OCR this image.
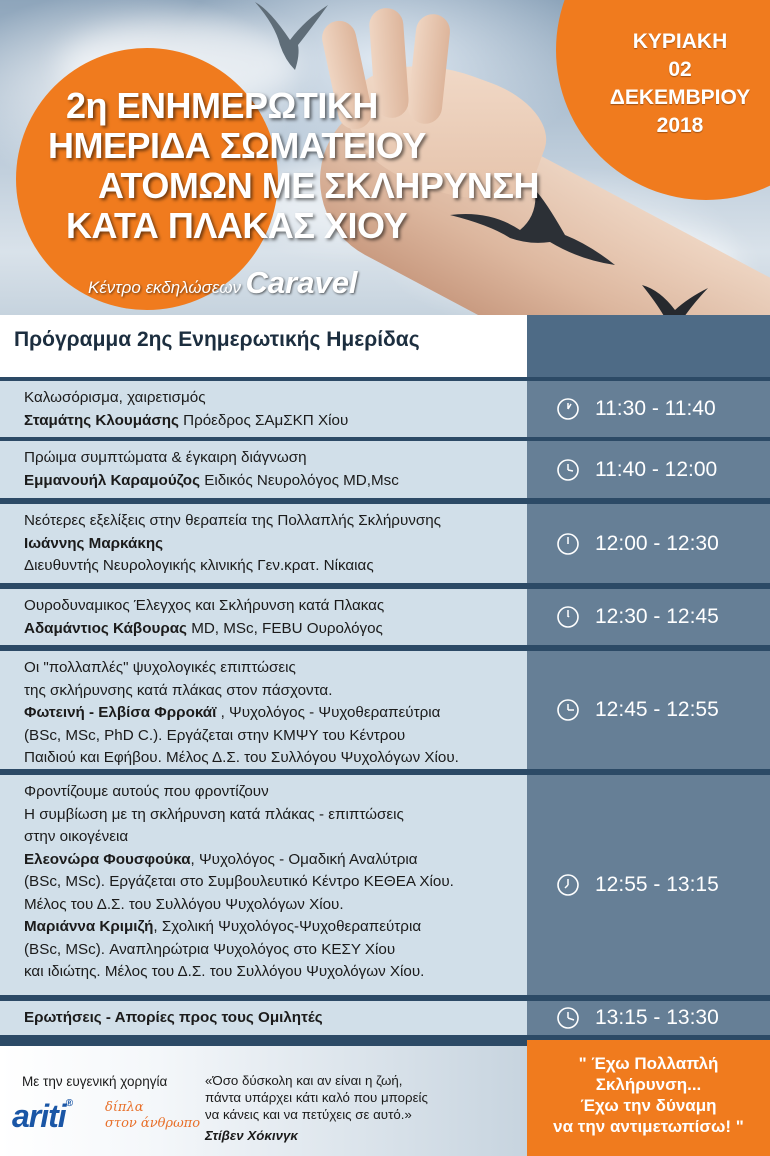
ΚΥΡΙΑΚΗ
02
ΔΕΚΕΜΒΡΙΟΥ
2018
2η ΕΝΗΜΕΡΩΤΙΚΗ
ΗΜΕΡΙΔΑ ΣΩΜΑΤΕΙΟΥ
ΑΤΟΜΩΝ ΜΕ ΣΚΛΗΡΥΝΣΗ
ΚΑΤΑ ΠΛΑΚΑΣ ΧΙΟΥ
Κέντρο εκδηλώσεων Caravel
Πρόγραμμα 2ης Ενημερωτικής Ημερίδας
Καλωσόρισμα, χαιρετισμός
Σταμάτης Κλουμάσης Πρόεδρος ΣΑμΣΚΠ Χίου	11:30 - 11:40
Πρώιμα συμπτώματα & έγκαιρη διάγνωση
Εμμανουήλ Καραμούζος Ειδικός Νευρολόγος MD,Msc	11:40 - 12:00
Νεότερες εξελίξεις στην θεραπεία της Πολλαπλής Σκλήρυνσης
Ιωάννης Μαρκάκης
Διευθυντής Νευρολογικής κλινικής Γεν.κρατ. Νίκαιας
12:00 - 12:30
Ουροδυναμικος Έλεγχος και Σκλήρυνση κατά Πλακας
Αδαμάντιος Κάβουρας MD, MSc, FEBU Ουρολόγος	12:30 - 12:45
Οι "πολλαπλές" ψυχολογικές επιπτώσεις
της σκλήρυνσης κατά πλάκας στον πάσχοντα.
Φωτεινή - Ελβίσα Φρροκάϊ , Ψυχολόγος - Ψυχοθεραπεύτρια
(BSc, MSc, PhD C.). Εργάζεται στην ΚΜΨΥ του Κέντρου
Παιδιού και Εφήβου. Μέλος Δ.Σ. του Συλλόγου Ψυχολόγων Χίου.
12:45 - 12:55
Φροντίζουμε αυτούς που φροντίζουν
Η συμβίωση με τη σκλήρυνση κατά πλάκας - επιπτώσεις
στην οικογένεια
Ελεονώρα Φουσφούκα, Ψυχολόγος - Ομαδική Αναλύτρια
(BSc, MSc). Εργάζεται στο Συμβουλευτικό Κέντρο ΚΕΘΕΑ Χίου.
Μέλος του Δ.Σ. του Συλλόγου Ψυχολόγων Χίου.
Μαριάννα Κριμιζή, Σχολική Ψυχολόγος-Ψυχοθεραπεύτρια
(BSc, MSc). Αναπληρώτρια Ψυχολόγος στο ΚΕΣΥ Χίου
και ιδιώτης. Μέλος του Δ.Σ. του Συλλόγου Ψυχολόγων Χίου.
12:55 - 13:15
Ερωτήσεις - Απορίες προς τους Ομιλητές	13:15 - 13:30
Με την ευγενική χορηγία
ariti®	δίπλα
στον άνθρωπο
«Όσο δύσκολη και αν είναι η ζωή,
πάντα υπάρχει κάτι καλό που μπορείς
να κάνεις και να πετύχεις σε αυτό.»
Στίβεν Χόκινγκ
" Έχω Πολλαπλή
Σκλήρυνση...
Έχω την δύναμη
να την αντιμετωπίσω! "
